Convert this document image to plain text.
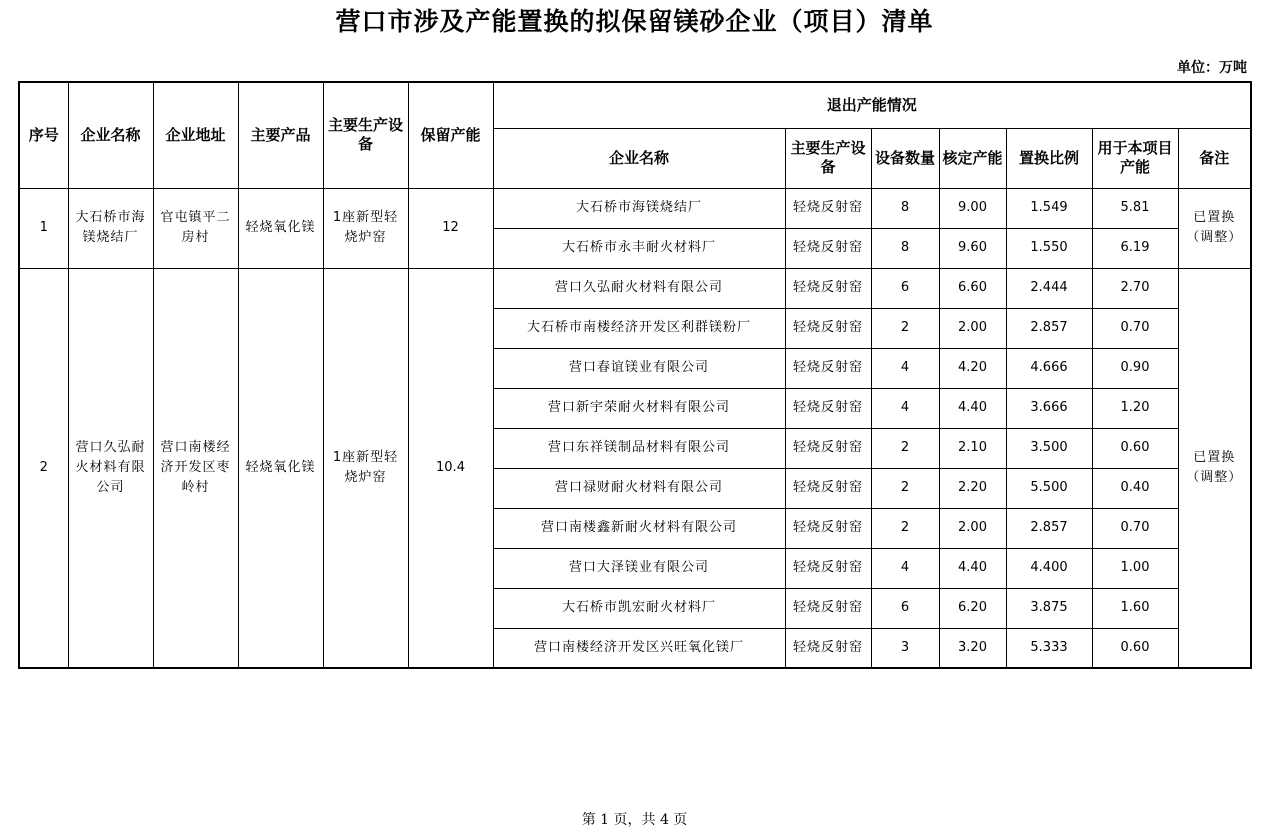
营口市涉及产能置换的拟保留镁砂企业（项目）清单
单位：万吨
序号	企业名称	企业地址	主要产品	主要生产设备	保留产能	退出产能情况						
						企业名称	主要生产设备	设备数量	核定产能	置换比例	用于本项目产能	备注
1	大石桥市海镁烧结厂	官屯镇平二房村	轻烧氧化镁	1座新型轻烧炉窑	12	大石桥市海镁烧结厂	轻烧反射窑	8	9.00	1.549	5.81	已置换（调整）
						大石桥市永丰耐火材料厂	轻烧反射窑	8	9.60	1.550	6.19	
2	营口久弘耐火材料有限公司	营口南楼经济开发区枣岭村	轻烧氧化镁	1座新型轻烧炉窑	10.4	营口久弘耐火材料有限公司	轻烧反射窑	6	6.60	2.444	2.70	已置换（调整）
						大石桥市南楼经济开发区利群镁粉厂	轻烧反射窑	2	2.00	2.857	0.70	
						营口春谊镁业有限公司	轻烧反射窑	4	4.20	4.666	0.90	
						营口新宇荣耐火材料有限公司	轻烧反射窑	4	4.40	3.666	1.20	
						营口东祥镁制品材料有限公司	轻烧反射窑	2	2.10	3.500	0.60	
						营口禄财耐火材料有限公司	轻烧反射窑	2	2.20	5.500	0.40	
						营口南楼鑫新耐火材料有限公司	轻烧反射窑	2	2.00	2.857	0.70	
						营口大泽镁业有限公司	轻烧反射窑	4	4.40	4.400	1.00	
						大石桥市凯宏耐火材料厂	轻烧反射窑	6	6.20	3.875	1.60	
						营口南楼经济开发区兴旺氧化镁厂	轻烧反射窑	3	3.20	5.333	0.60	
第 1 页，共 4 页
